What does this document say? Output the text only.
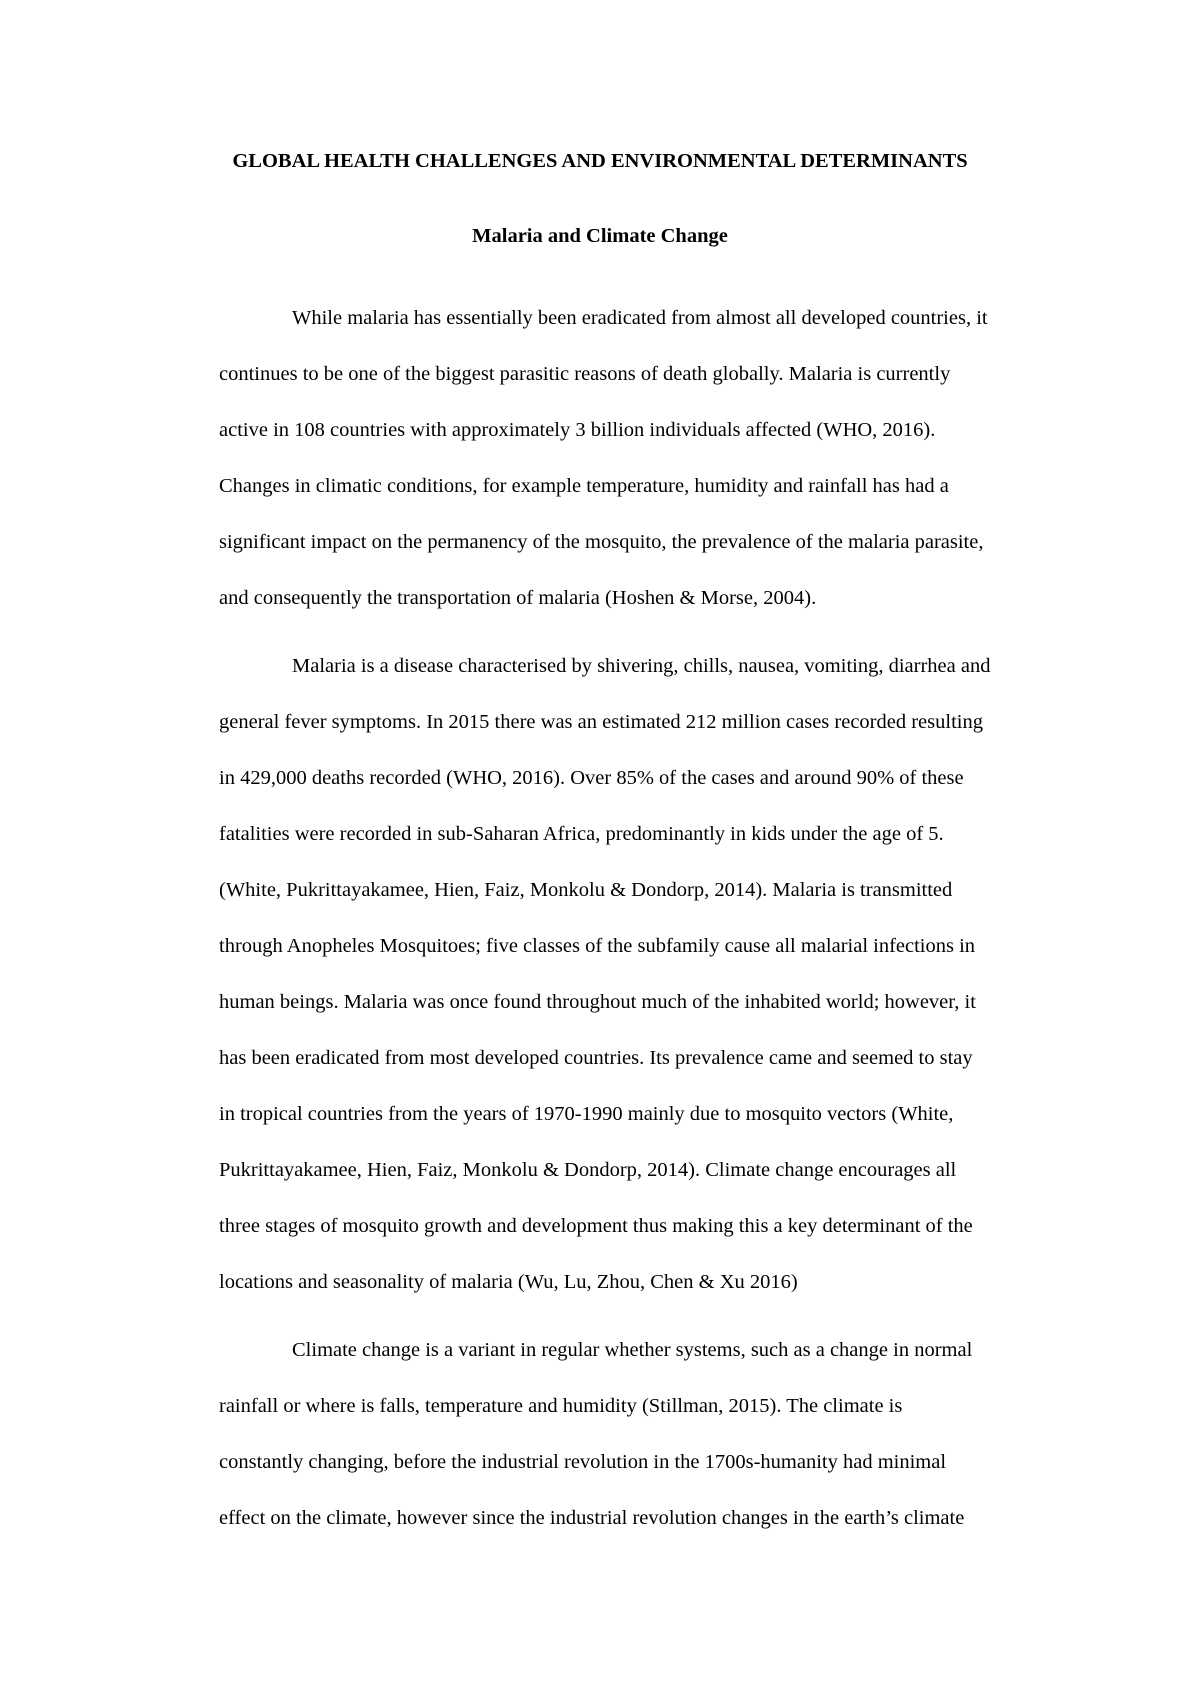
GLOBAL HEALTH CHALLENGES AND ENVIRONMENTAL DETERMINANTS
Malaria and Climate Change

While malaria has essentially been eradicated from almost all developed countries, it
continues to be one of the biggest parasitic reasons of death globally. Malaria is currently
active in 108 countries with approximately 3 billion individuals affected (WHO, 2016).
Changes in climatic conditions, for example temperature, humidity and rainfall has had a
significant impact on the permanency of the mosquito, the prevalence of the malaria parasite,
and consequently the transportation of malaria (Hoshen & Morse, 2004).

Malaria is a disease characterised by shivering, chills, nausea, vomiting, diarrhea and
general fever symptoms. In 2015 there was an estimated 212 million cases recorded resulting
in 429,000 deaths recorded (WHO, 2016). Over 85% of the cases and around 90% of these
fatalities were recorded in sub-Saharan Africa, predominantly in kids under the age of 5.
(White, Pukrittayakamee, Hien, Faiz, Monkolu & Dondorp, 2014). Malaria is transmitted
through Anopheles Mosquitoes; five classes of the subfamily cause all malarial infections in
human beings. Malaria was once found throughout much of the inhabited world; however, it
has been eradicated from most developed countries. Its prevalence came and seemed to stay
in tropical countries from the years of 1970-1990 mainly due to mosquito vectors (White,
Pukrittayakamee, Hien, Faiz, Monkolu & Dondorp, 2014). Climate change encourages all
three stages of mosquito growth and development thus making this a key determinant of the
locations and seasonality of malaria (Wu, Lu, Zhou, Chen & Xu 2016)

Climate change is a variant in regular whether systems, such as a change in normal
rainfall or where is falls, temperature and humidity (Stillman, 2015). The climate is
constantly changing, before the industrial revolution in the 1700s-humanity had minimal
effect on the climate, however since the industrial revolution changes in the earth’s climate
